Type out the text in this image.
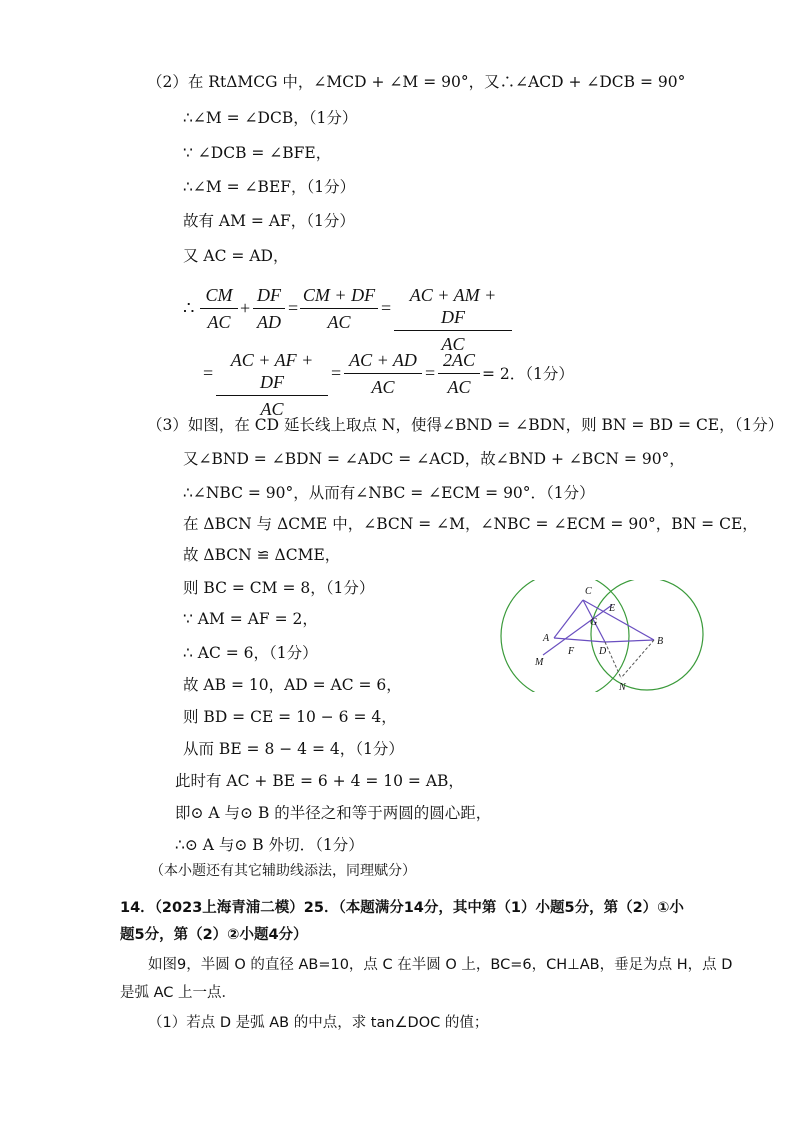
（2）在 RtΔMCG 中，∠MCD + ∠M = 90°，又∴∠ACD + ∠DCB = 90°
∴∠M = ∠DCB，（1分）
∵ ∠DCB = ∠BFE，
∴∠M = ∠BEF，（1分）
故有 AM = AF，（1分）
又 AC = AD，
∴
CM
AC
+
DF
AD
=
CM + DF
AC
=
AC + AM + DF
AC
=
AC + AF + DF
AC
=
AC + AD
AC
=
2AC
AC
= 2．（1分）
（3）如图，在 CD 延长线上取点 N，使得∠BND = ∠BDN，则 BN = BD = CE，（1分）
又∠BND = ∠BDN = ∠ADC = ∠ACD，故∠BND + ∠BCN = 90°，
∴∠NBC = 90°，从而有∠NBC = ∠ECM = 90°．（1分）
在 ΔBCN 与 ΔCME 中，∠BCN = ∠M，∠NBC = ∠ECM = 90°，BN = CE，
故 ΔBCN ≌ ΔCME，
则 BC = CM = 8，（1分）
∵ AM = AF = 2，
∴ AC = 6，（1分）
故 AB = 10，AD = AC = 6，
则 BD = CE = 10 − 6 = 4，
从而 BE = 8 − 4 = 4，（1分）
此时有 AC + BE = 6 + 4 = 10 = AB，
即⊙ A 与⊙ B 的半径之和等于两圆的圆心距，
∴⊙ A 与⊙ B 外切．（1分）
（本小题还有其它辅助线添法，同理赋分）
C
E
G
A	B
F D
M
N
14．（2023上海青浦二模）25．（本题满分14分，其中第（1）小题5分，第（2）①小
题5分，第（2）②小题4分）
如图9，半圆 O 的直径 AB=10，点 C 在半圆 O 上，BC=6，CH⊥AB，垂足为点 H，点 D
是弧 AC 上一点．
（1）若点 D 是弧 AB 的中点，求 tan∠DOC 的值；
